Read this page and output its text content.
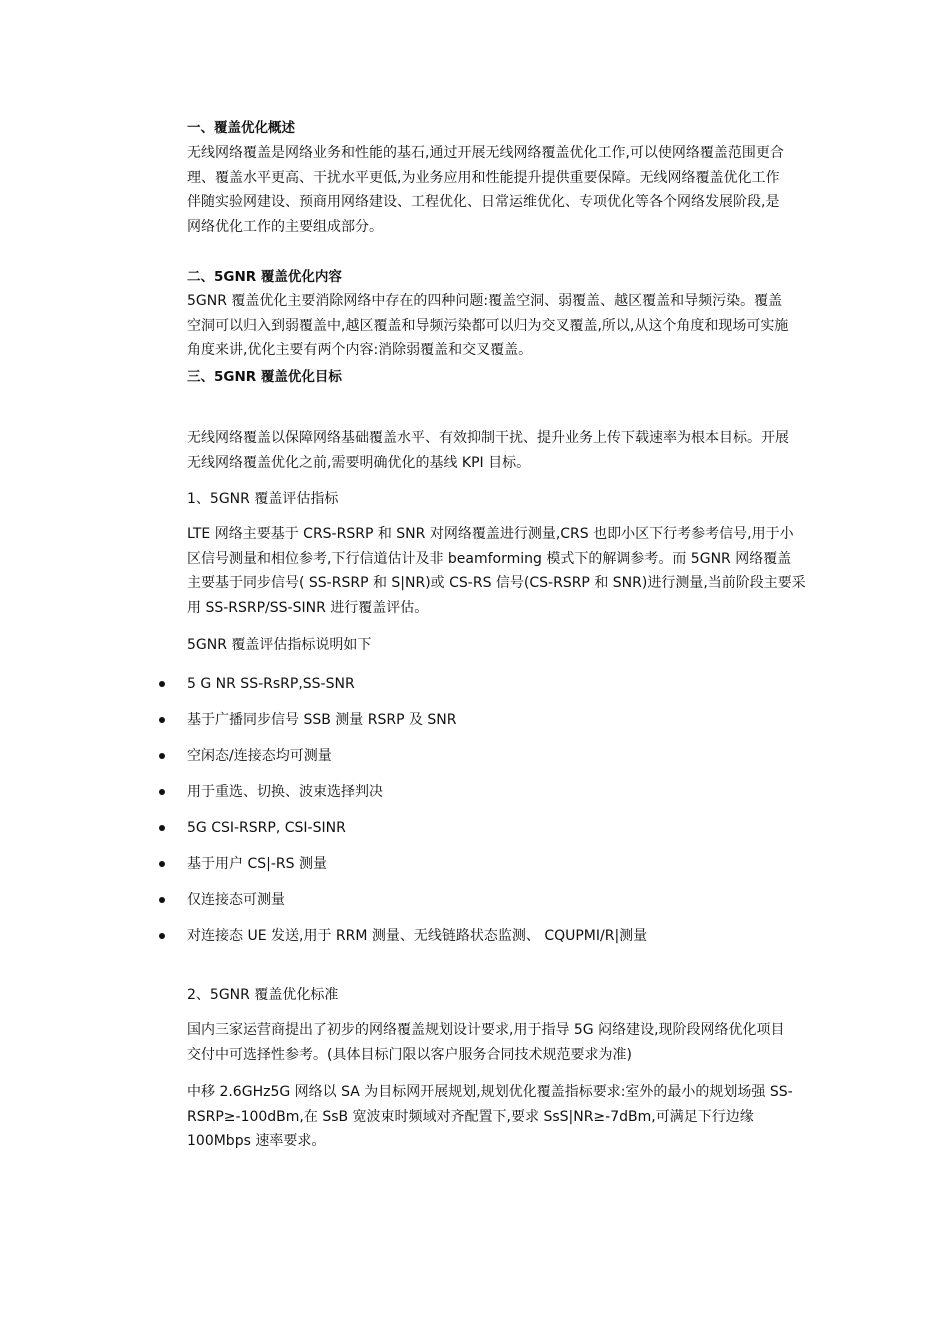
一、覆盖优化概述
无线网络覆盖是网络业务和性能的基石,通过开展无线网络覆盖优化工作,可以使网络覆盖范围更合
理、覆盖水平更高、干扰水平更低,为业务应用和性能提升提供重要保障。无线网络覆盖优化工作
伴随实验网建设、预商用网络建设、工程优化、日常运维优化、专项优化等各个网络发展阶段,是
网络优化工作的主要组成部分。
二、5GNR 覆盖优化内容
5GNR 覆盖优化主要消除网络中存在的四种问题:覆盖空洞、弱覆盖、越区覆盖和导频污染。覆盖
空洞可以归入到弱覆盖中,越区覆盖和导频污染都可以归为交叉覆盖,所以,从这个角度和现场可实施
角度来讲,优化主要有两个内容:消除弱覆盖和交叉覆盖。
三、5GNR 覆盖优化目标
无线网络覆盖以保障网络基础覆盖水平、有效抑制干扰、提升业务上传下载速率为根本目标。开展
无线网络覆盖优化之前,需要明确优化的基线 KPI 目标。
1、5GNR 覆盖评估指标
LTE 网络主要基于 CRS-RSRP 和 SNR 对网络覆盖进行测量,CRS 也即小区下行考参考信号,用于小
区信号测量和相位参考,下行信道估计及非 beamforming 模式下的解调参考。而 5GNR 网络覆盖
主要基于同步信号( SS-RSRP 和 S|NR)或 CS-RS 信号(CS-RSRP 和 SNR)进行测量,当前阶段主要采
用 SS-RSRP/SS-SINR 进行覆盖评估。
5GNR 覆盖评估指标说明如下
5 G NR SS-RsRP,SS-SNR
基于广播同步信号 SSB 测量 RSRP 及 SNR
空闲态/连接态均可测量
用于重选、切换、波束选择判决
5G CSI-RSRP, CSI-SINR
基于用户 CS|-RS 测量
仅连接态可测量
对连接态 UE 发送,用于 RRM 测量、无线链路状态监测、 CQUPMI/R|测量
2、5GNR 覆盖优化标准
国内三家运营商提出了初步的网络覆盖规划设计要求,用于指导 5G 闷络建设,现阶段网络优化项目
交付中可选择性参考。(具体目标门限以客户服务合同技术规范要求为准)
中移 2.6GHz5G 网络以 SA 为目标网开展规划,规划优化覆盖指标要求:室外的最小的规划场强 SS-
RSRP≥-100dBm,在 SsB 宽波束时频域对齐配置下,要求 SsS|NR≥-7dBm,可满足下行边缘
100Mbps 速率要求。
